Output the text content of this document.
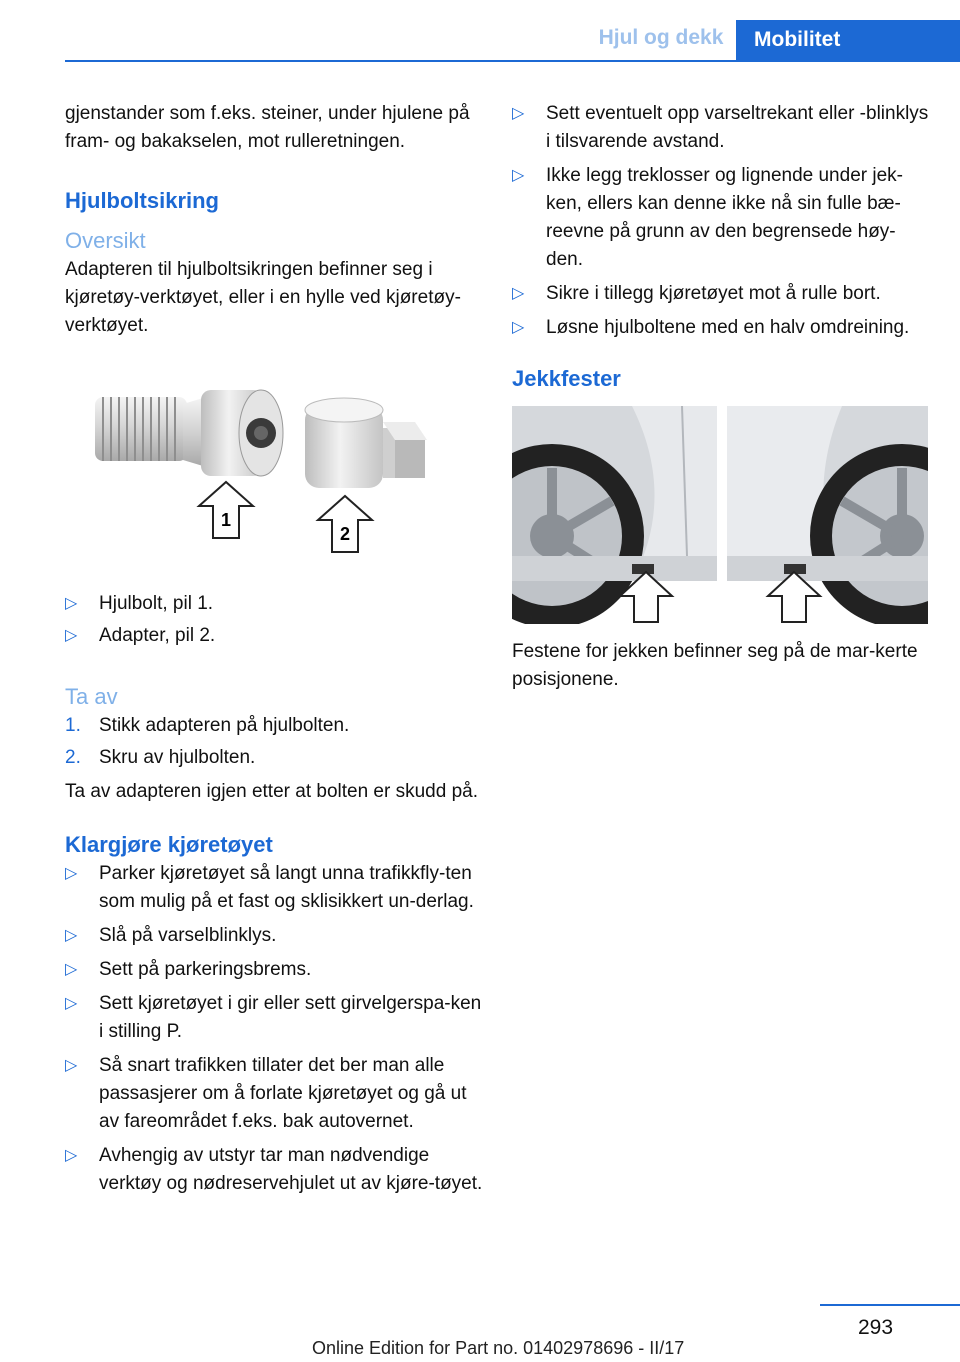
Hjul og dekk	Mobilitet

gjenstander som f.eks. steiner, under hjulene på fram- og bakakselen, mot rulleretningen.

Hjulboltsikring
Oversikt

Adapteren til hjulboltsikringen befinner seg i kjøretøy-verktøyet, eller i en hylle ved kjøretøy-verktøyet.

1
2
▷ Hjulbolt, pil 1.
▷ Adapter, pil 2.
Ta av
1. Stikk adapteren på hjulbolten.
2. Skru av hjulbolten.

Ta av adapteren igjen etter at bolten er skudd på.

Klargjøre kjøretøyet
▷ Parker kjøretøyet så langt unna trafikkfly-ten som mulig på et fast og sklisikkert un-derlag.
▷ Slå på varselblinklys.
▷ Sett på parkeringsbrems.
▷ Sett kjøretøyet i gir eller sett girvelgerspa-ken i stilling P.
▷ Så snart trafikken tillater det ber man alle passasjerer om å forlate kjøretøyet og gå ut av fareområdet f.eks. bak autovernet.
▷ Avhengig av utstyr tar man nødvendige verktøy og nødreservehjulet ut av kjøre-tøyet.
▷ Sett eventuelt opp varseltrekant eller -blinklys i tilsvarende avstand.
▷ Ikke legg treklosser og lignende under jek-ken, ellers kan denne ikke nå sin fulle bæ-reevne på grunn av den begrensede høy-den.
▷ Sikre i tillegg kjøretøyet mot å rulle bort.
▷ Løsne hjulboltene med en halv omdreining.
Jekkfester

Festene for jekken befinner seg på de mar-kerte posisjonene.

293
Online Edition for Part no. 01402978696 - II/17
